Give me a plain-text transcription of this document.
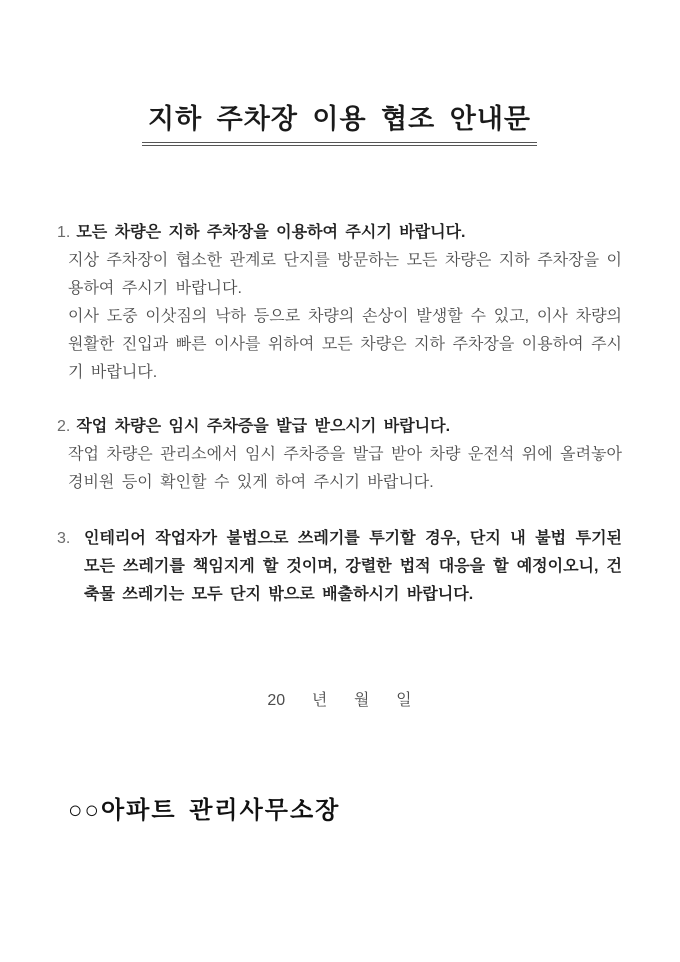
지하 주차장 이용 협조 안내문
1. 모든 차량은 지하 주차장을 이용하여 주시기 바랍니다.

지상 주차장이 협소한 관계로 단지를 방문하는 모든 차량은 지하 주차장을 이용하여 주시기 바랍니다.

이사 도중 이삿짐의 낙하 등으로 차량의 손상이 발생할 수 있고, 이사 차량의 원활한 진입과 빠른 이사를 위하여 모든 차량은 지하 주차장을 이용하여 주시기 바랍니다.

2. 작업 차량은 임시 주차증을 발급 받으시기 바랍니다.

작업 차량은 관리소에서 임시 주차증을 발급 받아 차량 운전석 위에 올려놓아 경비원 등이 확인할 수 있게 하여 주시기 바랍니다.

3. 인테리어 작업자가 불법으로 쓰레기를 투기할 경우, 단지 내 불법 투기된 모든 쓰레기를 책임지게 할 것이며, 강렬한 법적 대응을 할 예정이오니, 건축물 쓰레기는 모두 단지 밖으로 배출하시기 바랍니다.
20      년      월      일
○○아파트 관리사무소장
